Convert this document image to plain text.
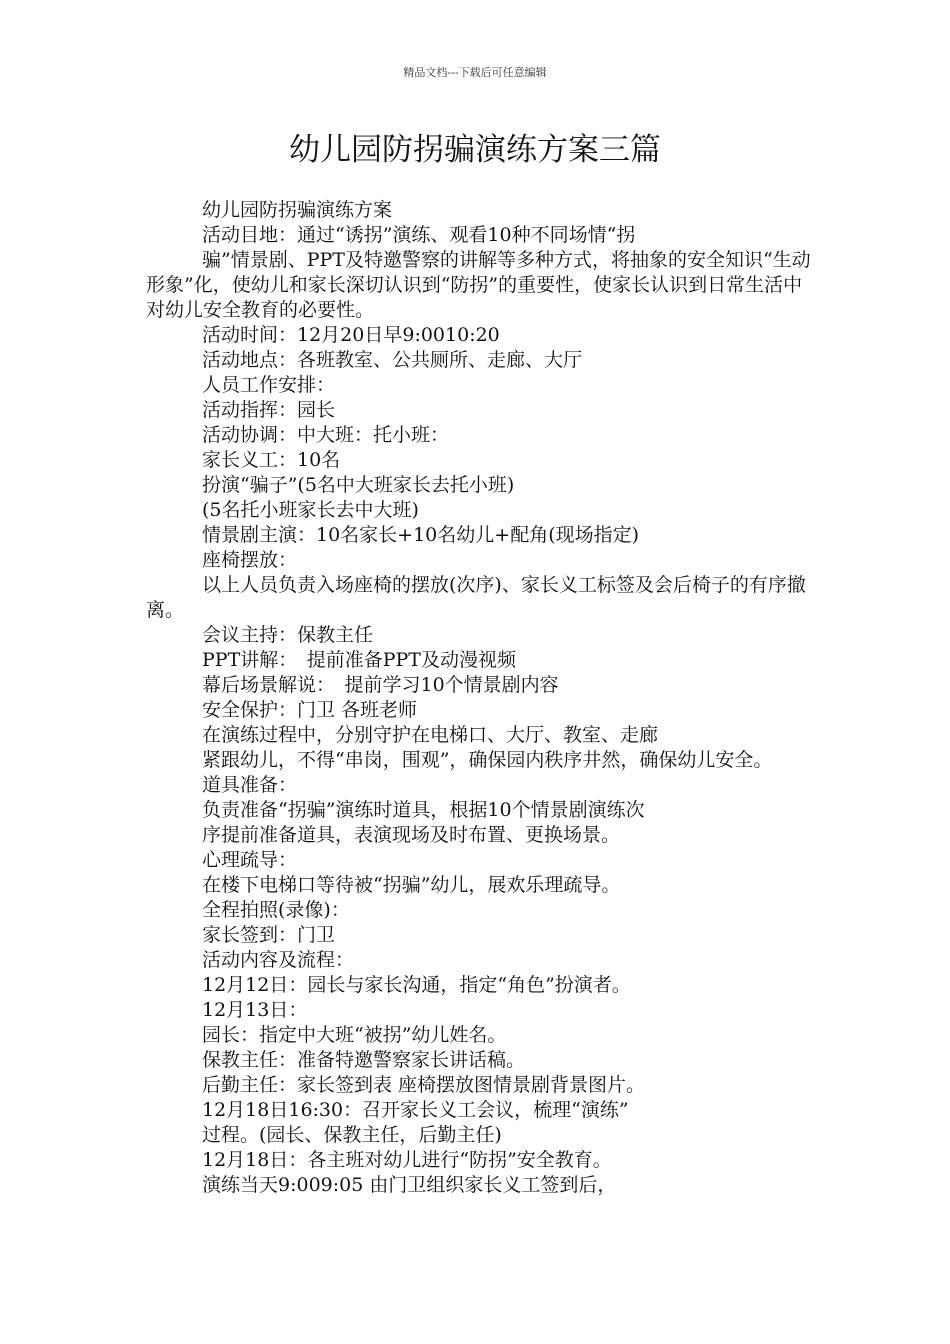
精品文档---下载后可任意编辑
幼儿园防拐骗演练方案三篇

幼儿园防拐骗演练方案

活动目地：通过“诱拐”演练、观看10种不同场情“拐

骗”情景剧、PPT及特邀警察的讲解等多种方式，将抽象的安全知识“生动形象”化，使幼儿和家长深切认识到“防拐”的重要性，使家长认识到日常生活中对幼儿安全教育的必要性。

活动时间：12月20日早9:0010:20

活动地点：各班教室、公共厕所、走廊、大厅

人员工作安排：

活动指挥：园长

活动协调：中大班：托小班：

家长义工：10名

扮演“骗子”(5名中大班家长去托小班)

(5名托小班家长去中大班)

情景剧主演：10名家长+10名幼儿+配角(现场指定)

座椅摆放：

以上人员负责入场座椅的摆放(次序)、家长义工标签及会后椅子的有序撤离。

会议主持：保教主任

PPT讲解：　提前准备PPT及动漫视频

幕后场景解说：　提前学习10个情景剧内容

安全保护：门卫 各班老师

在演练过程中，分别守护在电梯口、大厅、教室、走廊

紧跟幼儿，不得“串岗，围观”，确保园内秩序井然，确保幼儿安全。

道具准备：

负责准备“拐骗”演练时道具，根据10个情景剧演练次

序提前准备道具，表演现场及时布置、更换场景。

心理疏导：

在楼下电梯口等待被“拐骗”幼儿，展欢乐理疏导。

全程拍照(录像)：

家长签到：门卫

活动内容及流程：

12月12日：园长与家长沟通，指定“角色”扮演者。

12月13日：

园长：指定中大班“被拐”幼儿姓名。

保教主任：准备特邀警察家长讲话稿。

后勤主任：家长签到表 座椅摆放图情景剧背景图片。

12月18日16:30：召开家长义工会议，梳理“演练”

过程。(园长、保教主任，后勤主任)

12月18日：各主班对幼儿进行“防拐”安全教育。

演练当天9:009:05 由门卫组织家长义工签到后，
